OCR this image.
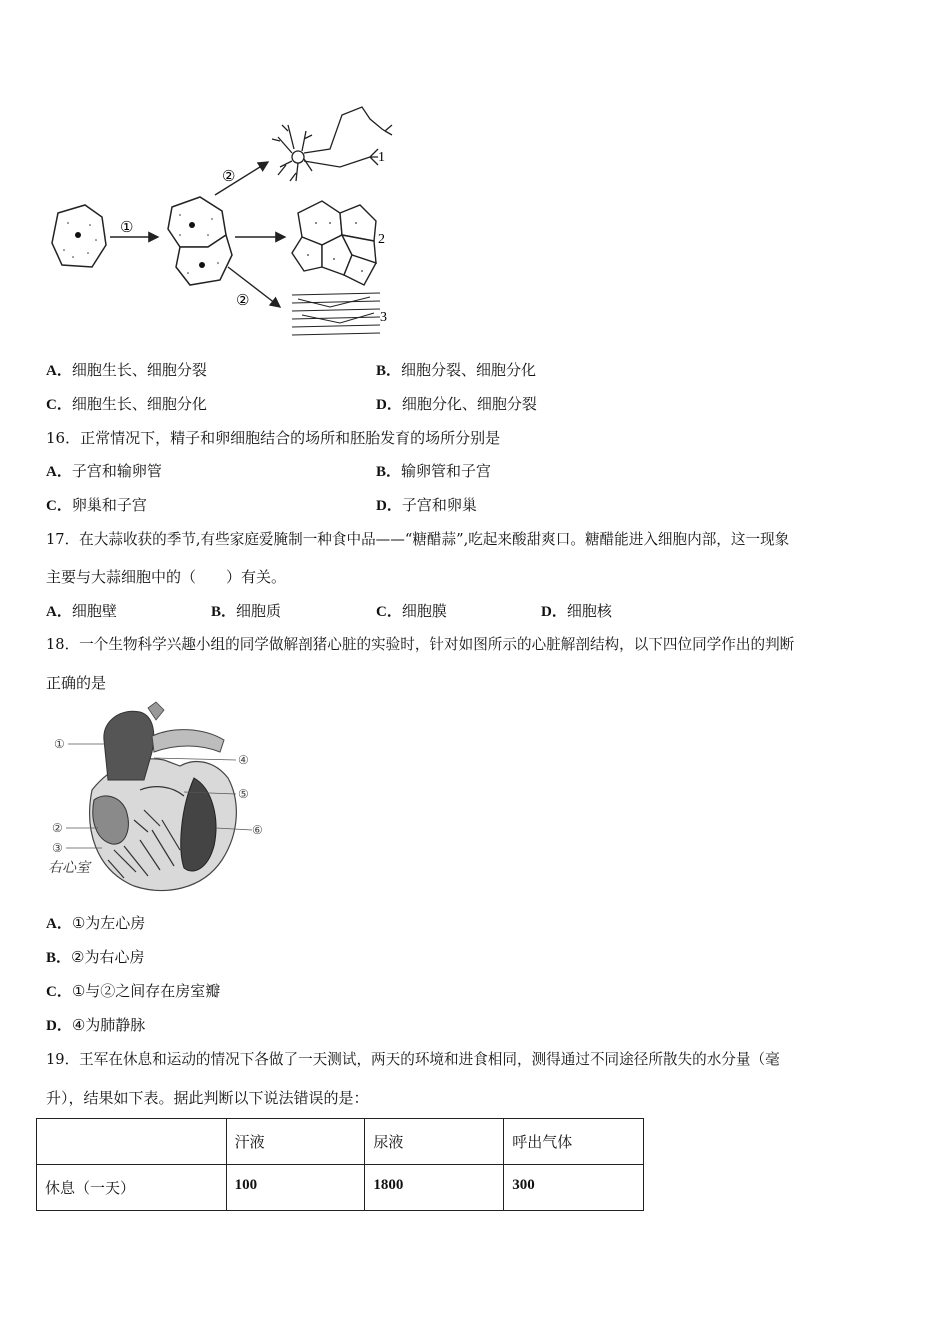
①
②
②
1
2
3
A．细胞生长、细胞分裂	B．细胞分裂、细胞分化
C．细胞生长、细胞分化	D．细胞分化、细胞分裂
16．正常情况下，精子和卵细胞结合的场所和胚胎发育的场所分别是
A．子宫和输卵管	B．输卵管和子宫
C．卵巢和子宫	D．子宫和卵巢
17．在大蒜收获的季节,有些家庭爱腌制一种食中品——“糖醋蒜”,吃起来酸甜爽口。糖醋能进入细胞内部，这一现象
主要与大蒜细胞中的（　　）有关。
A．细胞壁	B．细胞质	C．细胞膜	D．细胞核
18．一个生物科学兴趣小组的同学做解剖猪心脏的实验时，针对如图所示的心脏解剖结构，以下四位同学作出的判断
正确的是
①
④
⑤
②	⑥
③
右心室
A．①为左心房
B．②为右心房
C．①与②之间存在房室瓣
D．④为肺静脉
19．王军在休息和运动的情况下各做了一天测试，两天的环境和进食相同，测得通过不同途径所散失的水分量（毫
升），结果如下表。据此判断以下说法错误的是：
	汗液	尿液	呼出气体
休息（一天）	100	1800	300
